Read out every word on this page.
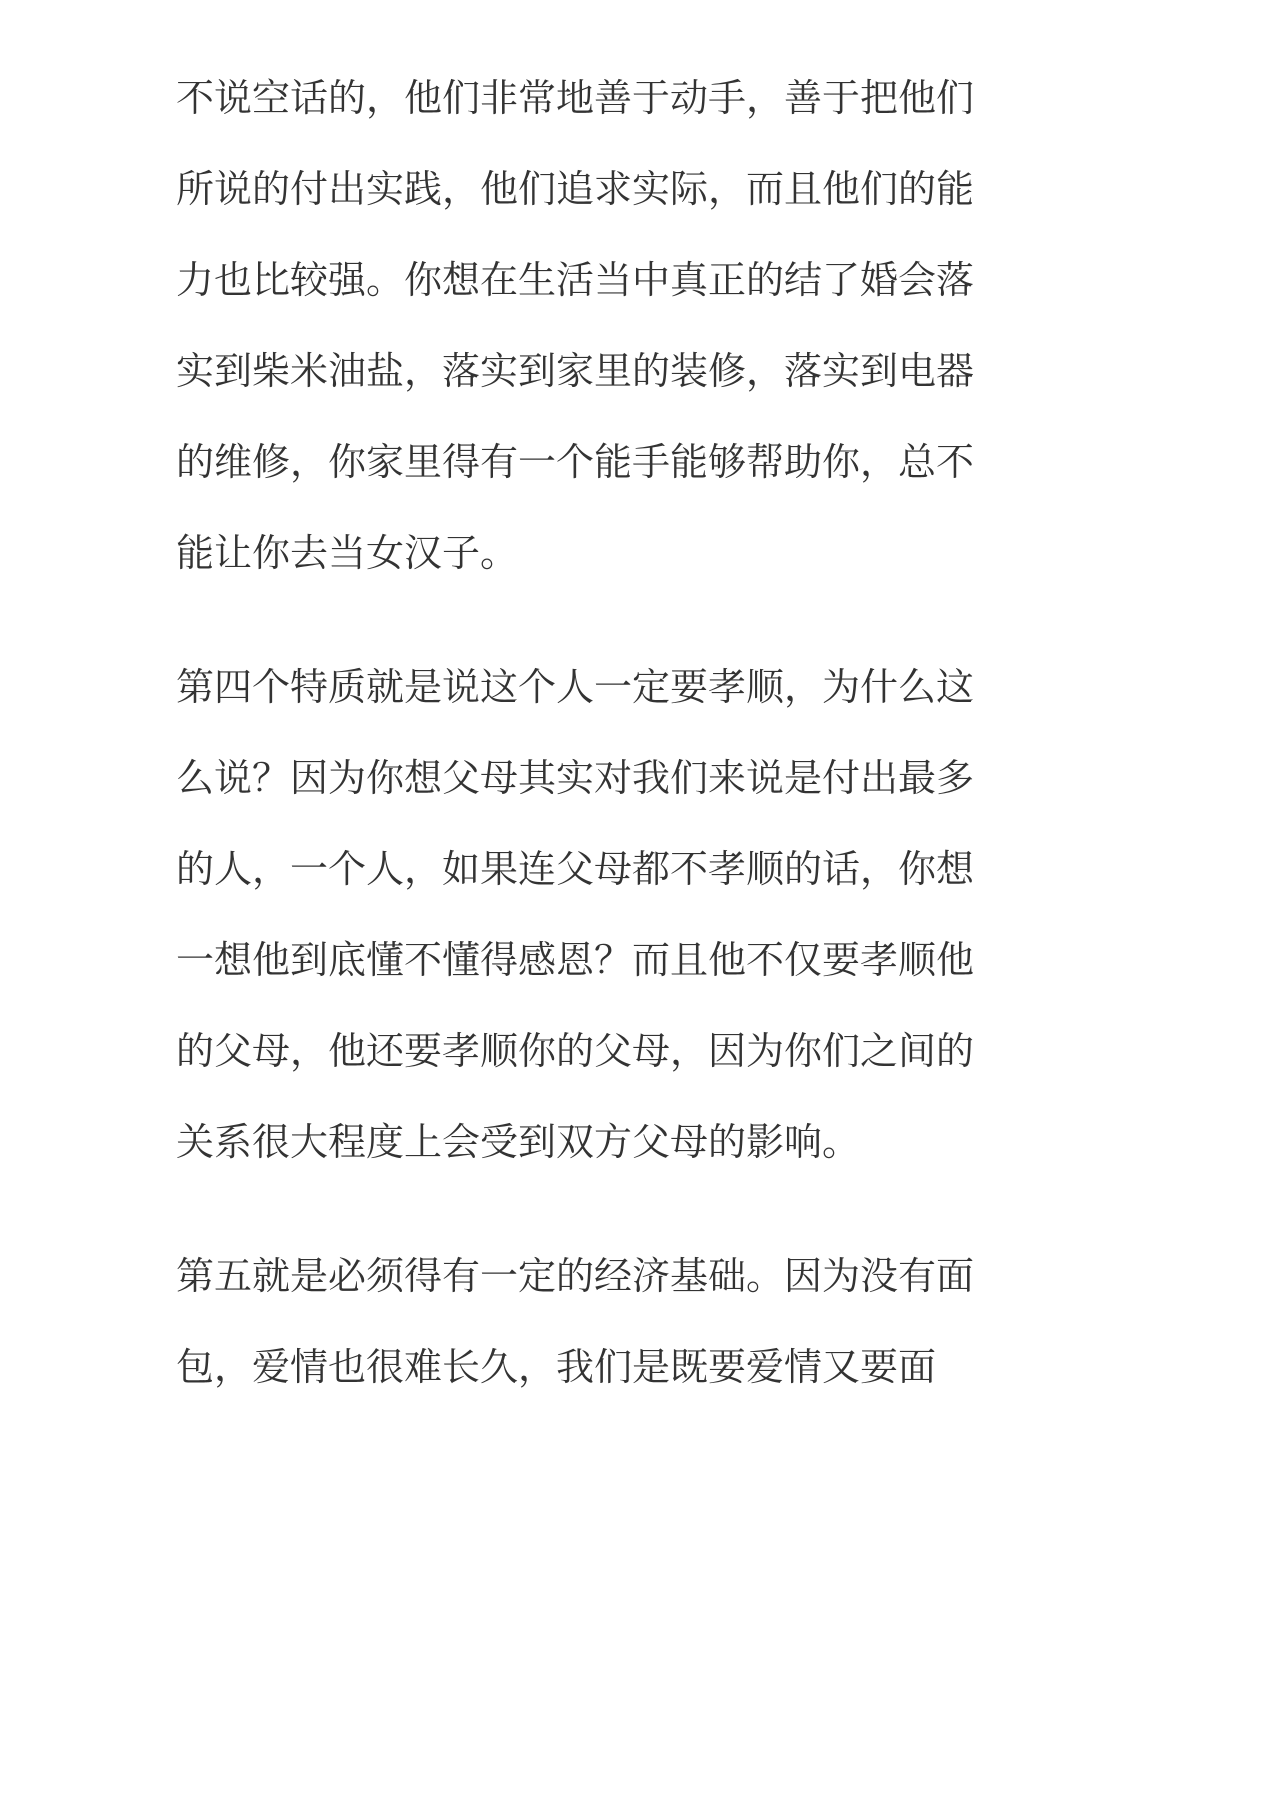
不说空话的，他们非常地善于动手，善于把他们
所说的付出实践，他们追求实际，而且他们的能
力也比较强。你想在生活当中真正的结了婚会落
实到柴米油盐，落实到家里的装修，落实到电器
的维修，你家里得有一个能手能够帮助你，总不
能让你去当女汉子。
第四个特质就是说这个人一定要孝顺，为什么这
么说？因为你想父母其实对我们来说是付出最多
的人，一个人，如果连父母都不孝顺的话，你想
一想他到底懂不懂得感恩？而且他不仅要孝顺他
的父母，他还要孝顺你的父母，因为你们之间的
关系很大程度上会受到双方父母的影响。
第五就是必须得有一定的经济基础。因为没有面
包，爱情也很难长久，我们是既要爱情又要面
